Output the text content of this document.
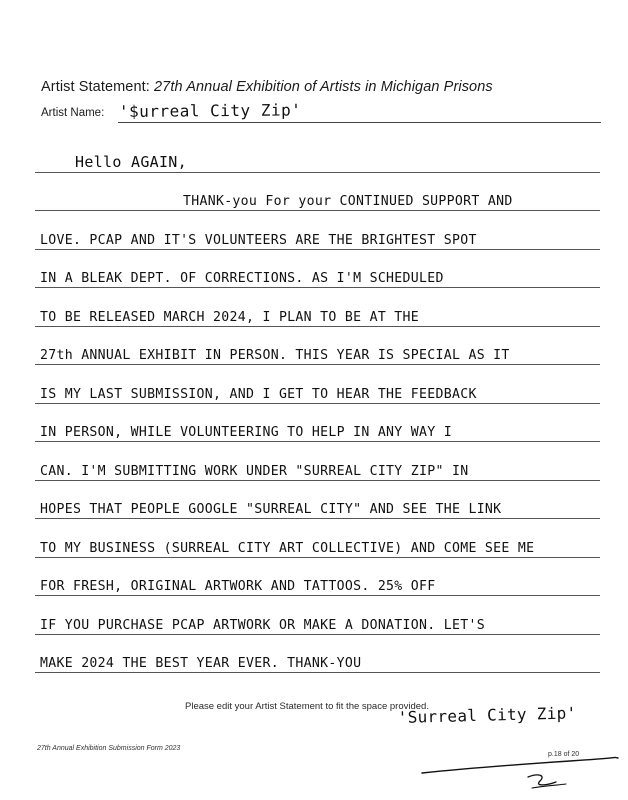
Artist Statement: 27th Annual Exhibition of Artists in Michigan Prisons
Artist Name: '$urreal City Zip'
Hello AGAIN,
THANK-you For your CONTINUED SUPPORT AND
LOVE. PCAP AND IT'S VOLUNTEERS ARE THE BRIGHTEST SPOT
IN A BLEAK DEPT. OF CORRECTIONS. AS I'M SCHEDULED
TO BE RELEASED MARCH 2024, I PLAN TO BE AT THE
27th ANNUAL EXHIBIT IN PERSON. THIS YEAR IS SPECIAL AS IT
IS MY LAST SUBMISSION, AND I GET TO HEAR THE FEEDBACK
IN PERSON, WHILE VOLUNTEERING TO HELP IN ANY WAY I
CAN. I'M SUBMITTING WORK UNDER "SURREAL CITY ZIP" IN
HOPES THAT PEOPLE GOOGLE "SURREAL CITY" AND SEE THE LINK
TO MY BUSINESS (SURREAL CITY ART COLLECTIVE) AND COME SEE ME
FOR FRESH, ORIGINAL ARTWORK AND TATTOOS. 25% OFF
IF YOU PURCHASE PCAP ARTWORK OR MAKE A DONATION. LET'S
MAKE 2024 THE BEST YEAR EVER. THANK-YOU
Please edit your Artist Statement to fit the space provided.
'Surreal City Zip'
27th Annual Exhibition Submission Form 2023
p.18 of 20
